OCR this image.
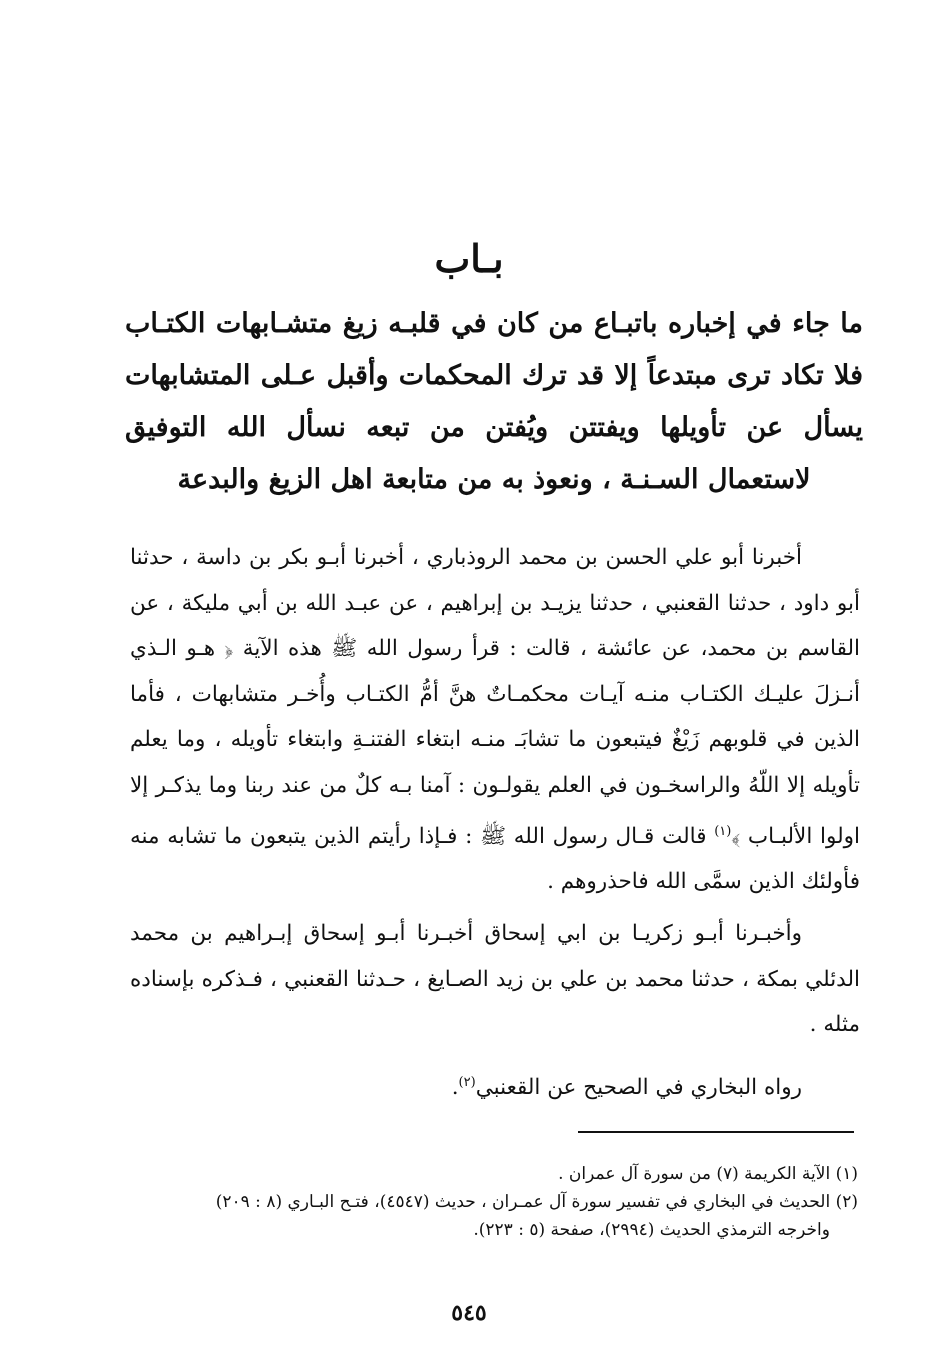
بـاب
ما جاء في إخباره باتبـاع من كان في قلبـه زيغ متشـابهات الكتـاب فلا تكاد ترى مبتدعاً إلا قد ترك المحكمات وأقبل عـلى المتشابهات يسأل عن تأويلها ويفتتن ويُفتن من تبعه نسأل الله التوفيق لاستعمال السـنـة ، ونعوذ به من متابعة اهل الزيغ والبدعة

أخبرنا أبو علي الحسن بن محمد الروذباري ، أخبرنا أبـو بكر بن داسة ، حدثنا أبو داود ، حدثنا القعنبي ، حدثنا يزيـد بن إبراهيم ، عن عبـد الله بن أبي مليكة ، عن القاسم بن محمد، عن عائشة ، قالت : قرأ رسول الله ﷺ هذه الآية ﴿ هـو الـذي أنـزلَ عليـك الكتـاب منـه آيـات محكمـاتٌ هنَّ أمُّ الكتـاب وأُخـر متشابهات ، فأما الذين في قلوبهم زَيْغٌ فيتبعون ما تشابَـ منـه ابتغاء الفتنـةِ وابتغاء تأويله ، وما يعلم تأويله إلا اللّهُ والراسخـون في العلم يقولـون : آمنا بـه كلٌ من عند ربنا وما يذكـر إلا اولوا الألبـاب ﴾$^{(١)}$ قالت قـال رسول الله ﷺ : فـإذا رأيتم الذين يتبعون ما تشابه منه فأولئك الذين سمَّى الله فاحذروهم .

وأخبـرنا أبـو زكريـا بن ابي إسحاق أخبـرنا أبـو إسحاق إبـراهيم بن محمد الدئلي بمكة ، حدثنا محمد بن علي بن زيد الصـايغ ، حـدثنا القعنبي ، فـذكره بإسناده مثله .

رواه البخاري في الصحيح عن القعنبي$^{(٢)}$.

(١) الآية الكريمة (٧) من سورة آل عمران .

(٢) الحديث في البخاري في تفسير سورة آل عمـران ، حديث (٤٥٤٧)، فتـح البـاري (٨ : ٢٠٩)

واخرجه الترمذي الحديث (٢٩٩٤)، صفحة (٥ : ٢٢٣).

٥٤٥
